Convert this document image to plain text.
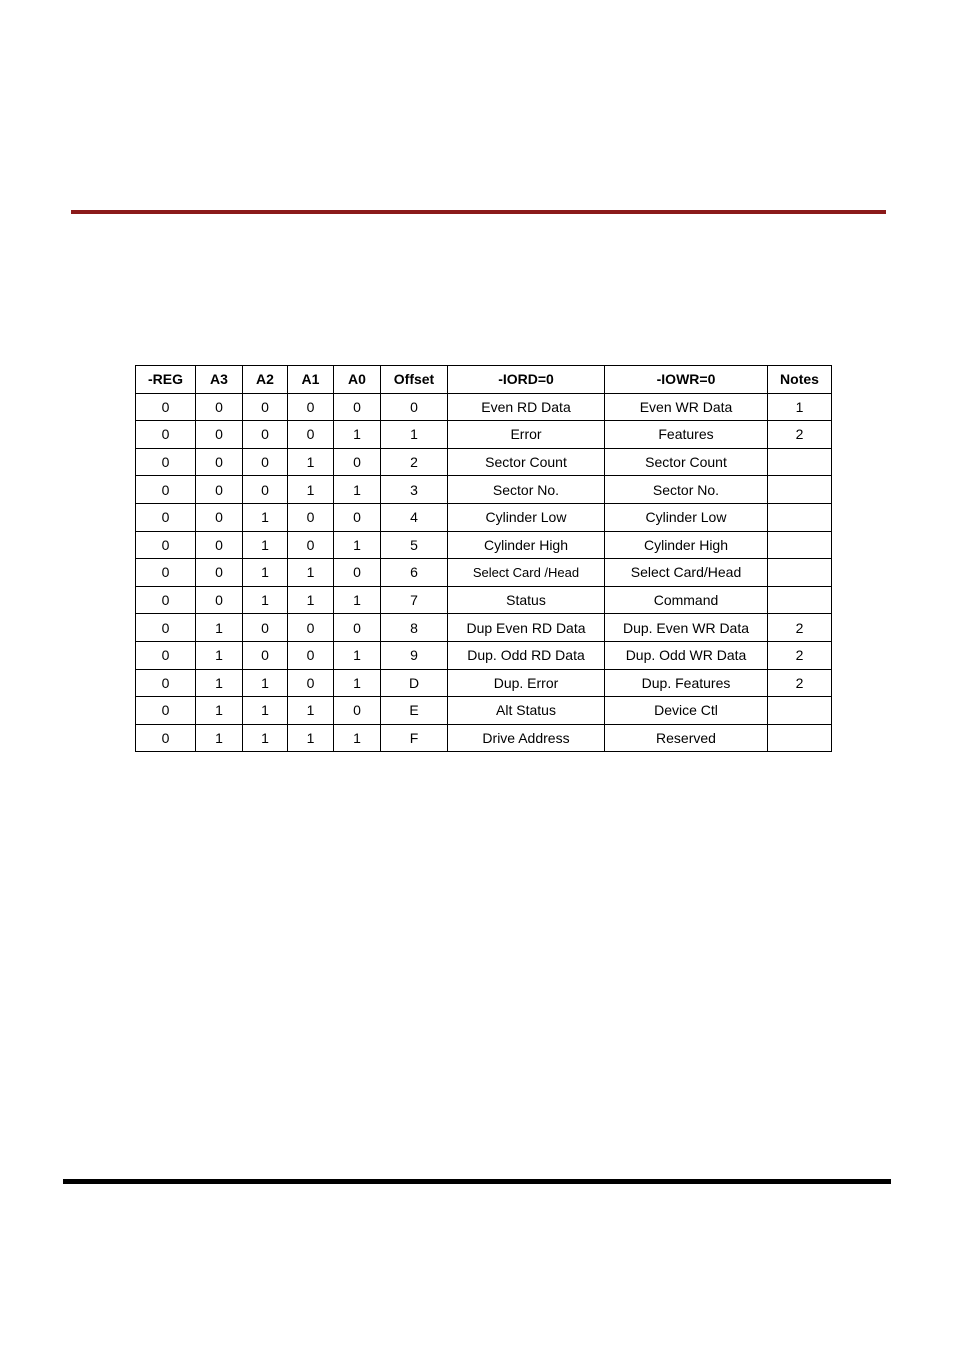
-REG	A3	A2	A1	A0	Offset	-IORD=0	-IOWR=0	Notes
0	0	0	0	0	0	Even RD Data	Even WR Data	1
0	0	0	0	1	1	Error	Features	2
0	0	0	1	0	2	Sector Count	Sector Count	
0	0	0	1	1	3	Sector No.	Sector No.	
0	0	1	0	0	4	Cylinder Low	Cylinder Low	
0	0	1	0	1	5	Cylinder High	Cylinder High	
0	0	1	1	0	6	Select Card /Head	Select Card/Head	
0	0	1	1	1	7	Status	Command	
0	1	0	0	0	8	Dup Even RD Data	Dup. Even WR Data	2
0	1	0	0	1	9	Dup. Odd RD Data	Dup. Odd WR Data	2
0	1	1	0	1	D	Dup. Error	Dup. Features	2
0	1	1	1	0	E	Alt Status	Device Ctl	
0	1	1	1	1	F	Drive Address	Reserved	
